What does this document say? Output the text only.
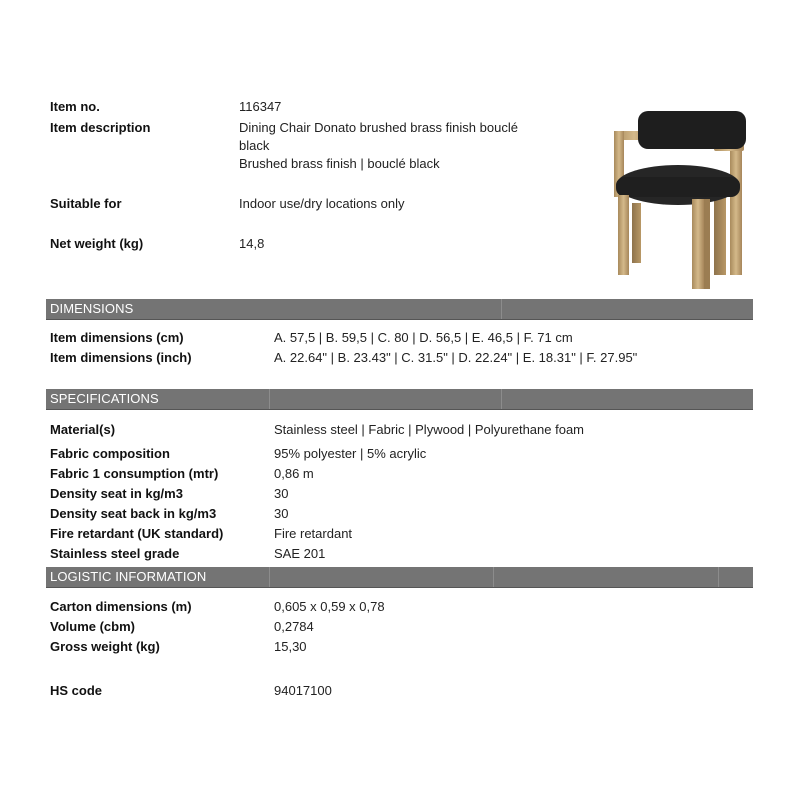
Item no.	116347
Item description	Dining Chair Donato brushed brass finish bouclé
black
Brushed brass finish | bouclé black
Suitable for	Indoor use/dry locations only
Net weight (kg)	14,8
DIMENSIONS
Item dimensions (cm)	A. 57,5 | B. 59,5 | C. 80 | D. 56,5 | E. 46,5 | F. 71 cm
Item dimensions (inch)	A. 22.64" | B. 23.43" | C. 31.5" | D. 22.24" | E. 18.31" | F. 27.95"
SPECIFICATIONS
Material(s)	Stainless steel | Fabric | Plywood | Polyurethane foam
Fabric composition	95% polyester | 5% acrylic
Fabric 1 consumption (mtr)	0,86 m
Density seat in kg/m3	30
Density seat back in kg/m3	30
Fire retardant (UK standard)	Fire retardant
Stainless steel grade	SAE 201
LOGISTIC INFORMATION
Carton dimensions (m)	0,605 x 0,59 x 0,78
Volume (cbm)	0,2784
Gross weight (kg)	15,30
HS code	94017100
